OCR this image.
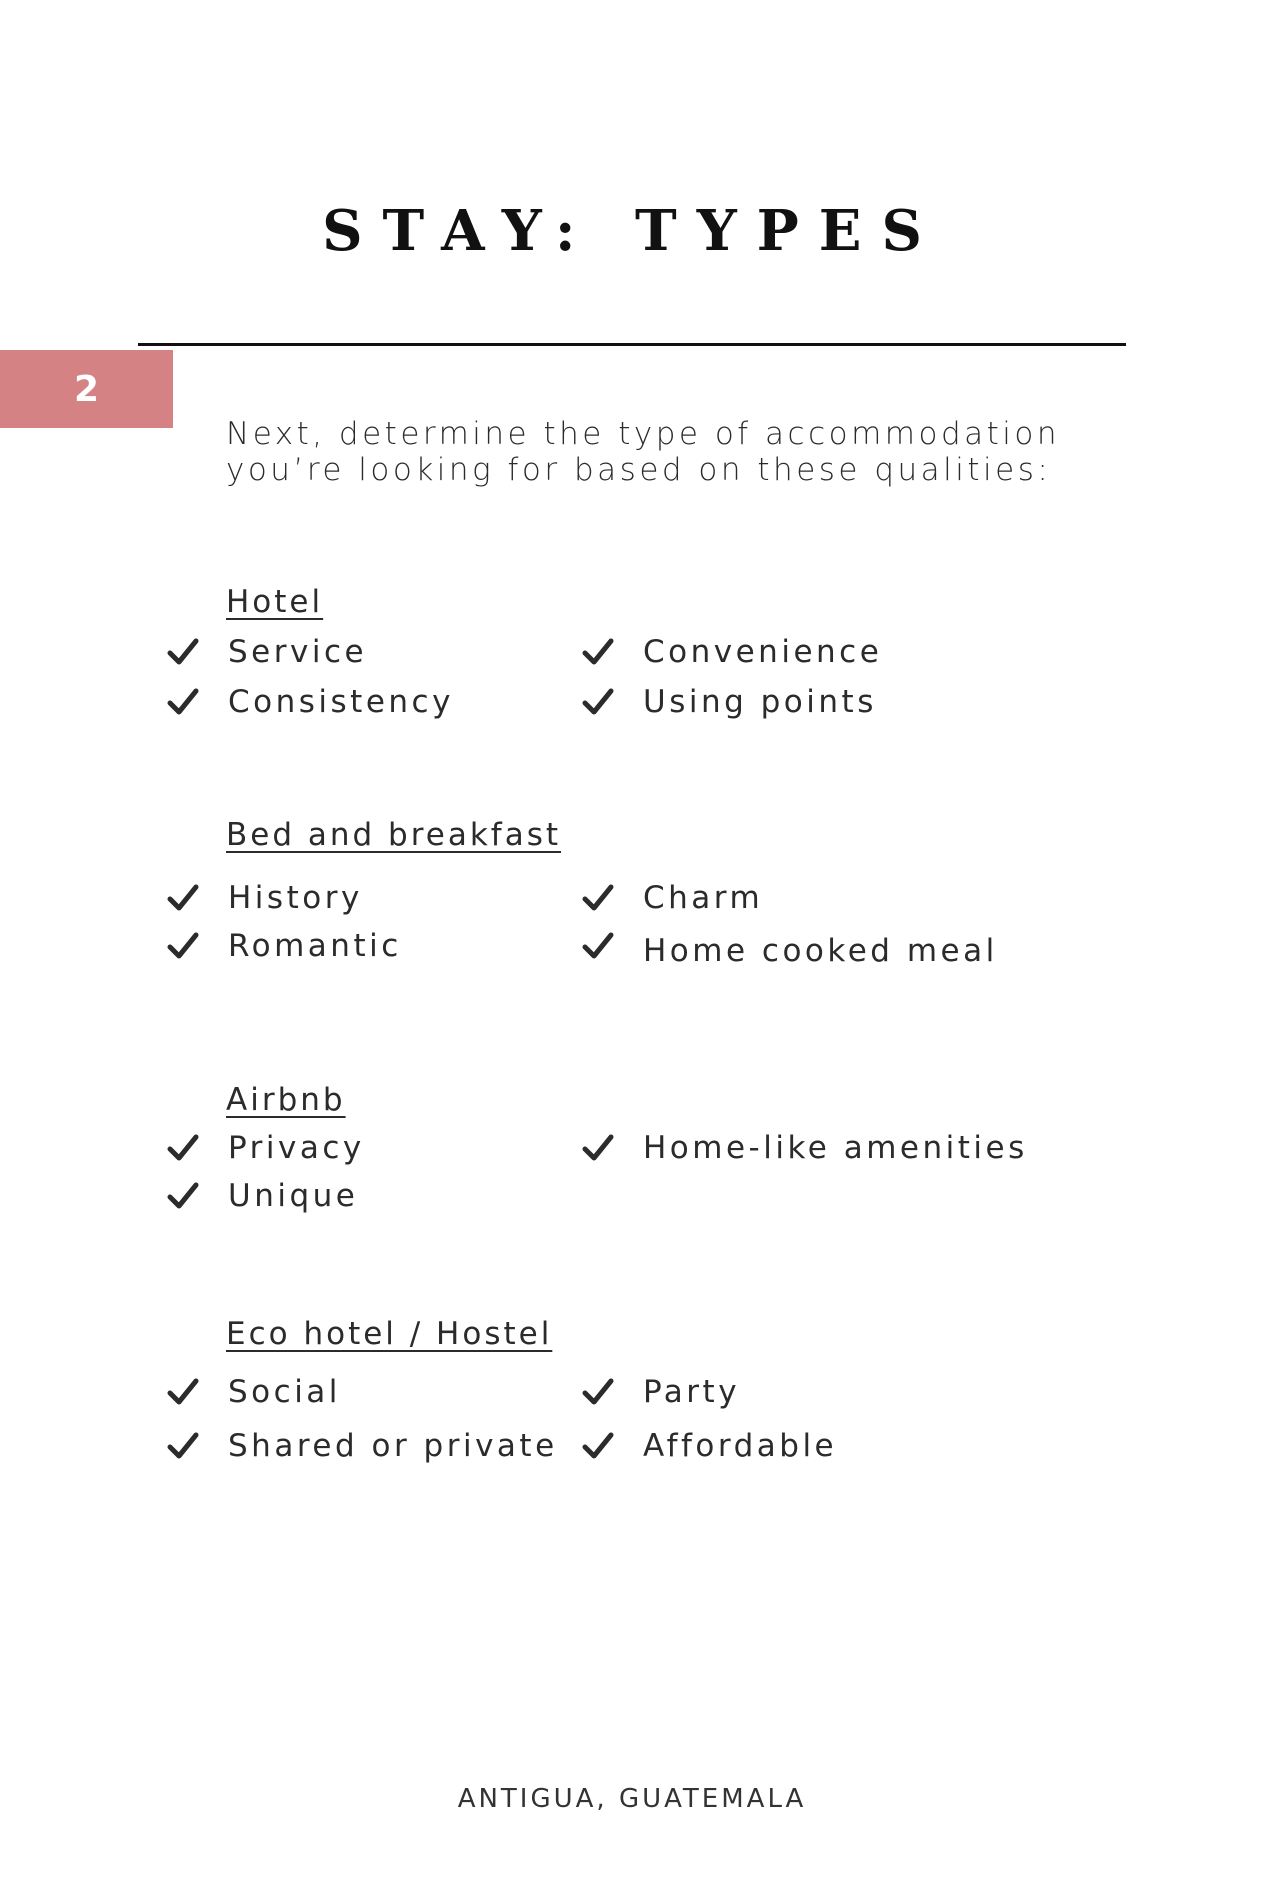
STAY: TYPES
2
Next, determine the type of accommodation
you’re looking for based on these qualities:
Hotel
Service
Consistency
Convenience
Using points
Bed and breakfast
History
Romantic
Charm
Home cooked meal
Airbnb
Privacy
Unique
Home-like amenities
Eco hotel / Hostel
Social
Shared or private
Party
Affordable
ANTIGUA, GUATEMALA
